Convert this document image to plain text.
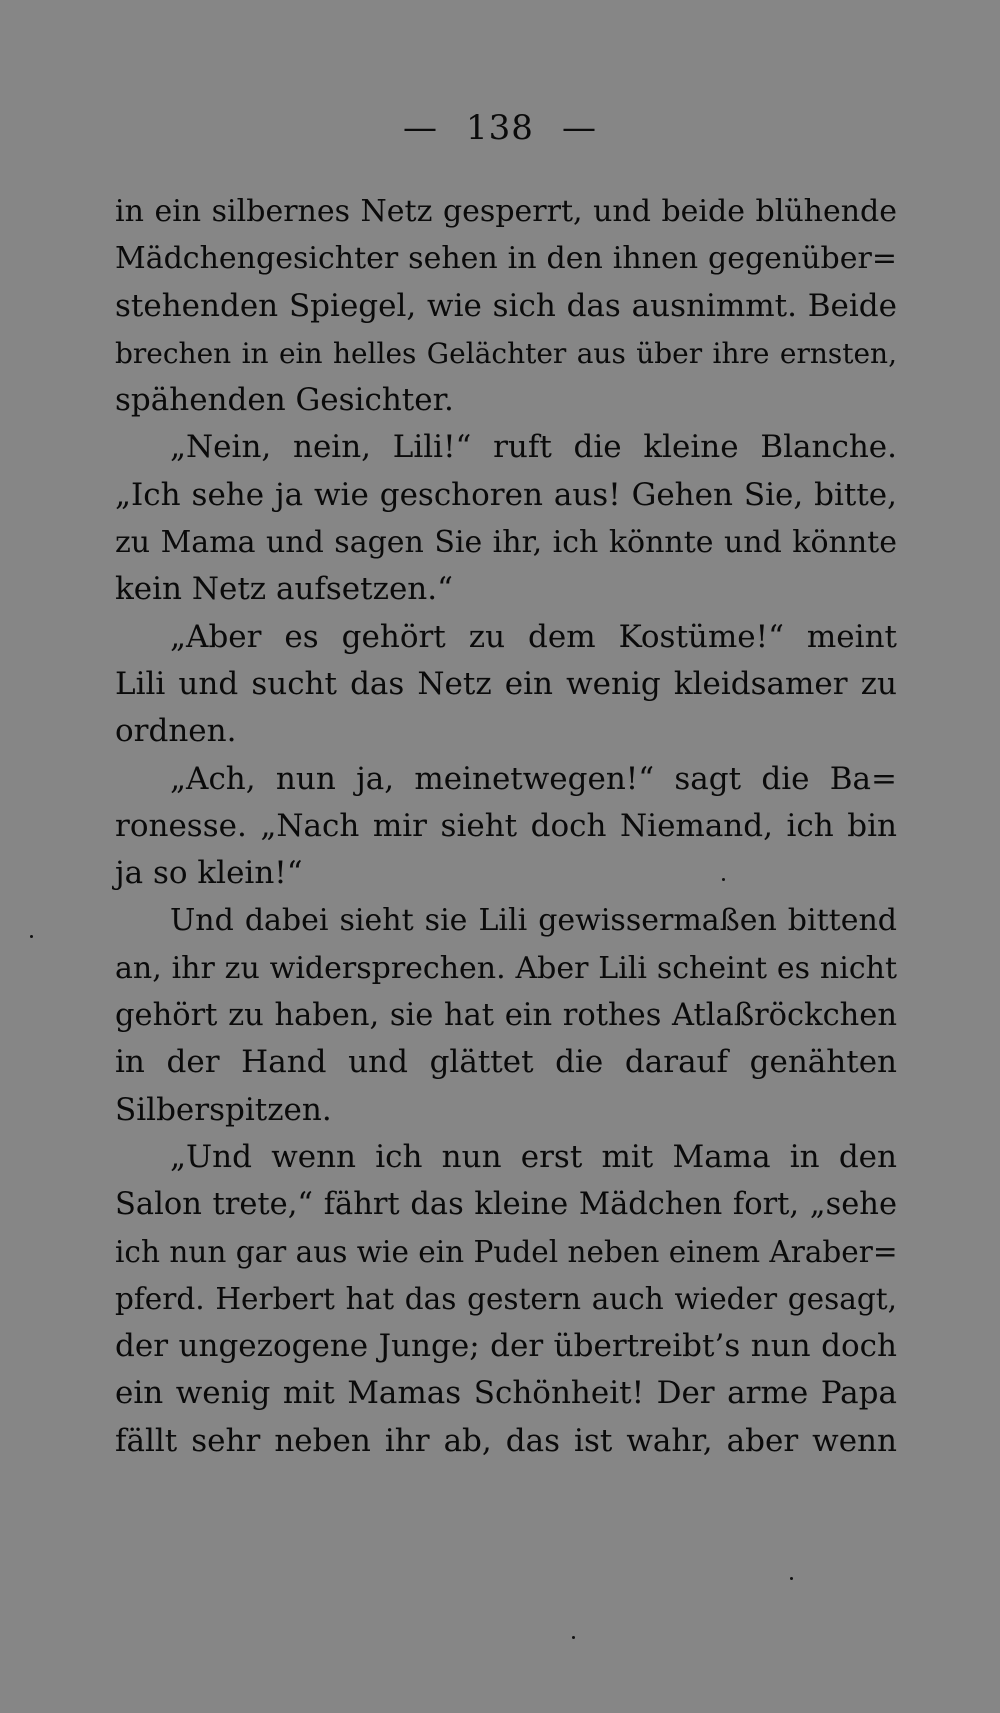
— 138 —
in ein silbernes Netz gesperrt, und beide blühende
Mädchengesichter sehen in den ihnen gegenüber=
stehenden Spiegel, wie sich das ausnimmt. Beide
brechen in ein helles Gelächter aus über ihre ernsten,
spähenden Gesichter.
„Nein, nein, Lili!“ ruft die kleine Blanche.
„Ich sehe ja wie geschoren aus! Gehen Sie, bitte,
zu Mama und sagen Sie ihr, ich könnte und könnte
kein Netz aufsetzen.“
„Aber es gehört zu dem Kostüme!“ meint
Lili und sucht das Netz ein wenig kleidsamer zu
ordnen.
„Ach, nun ja, meinetwegen!“ sagt die Ba=
ronesse. „Nach mir sieht doch Niemand, ich bin
ja so klein!“
Und dabei sieht sie Lili gewissermaßen bittend
an, ihr zu widersprechen. Aber Lili scheint es nicht
gehört zu haben, sie hat ein rothes Atlaßröckchen
in der Hand und glättet die darauf genähten
Silberspitzen.
„Und wenn ich nun erst mit Mama in den
Salon trete,“ fährt das kleine Mädchen fort, „sehe
ich nun gar aus wie ein Pudel neben einem Araber=
pferd. Herbert hat das gestern auch wieder gesagt,
der ungezogene Junge; der übertreibt’s nun doch
ein wenig mit Mamas Schönheit! Der arme Papa
fällt sehr neben ihr ab, das ist wahr, aber wenn
